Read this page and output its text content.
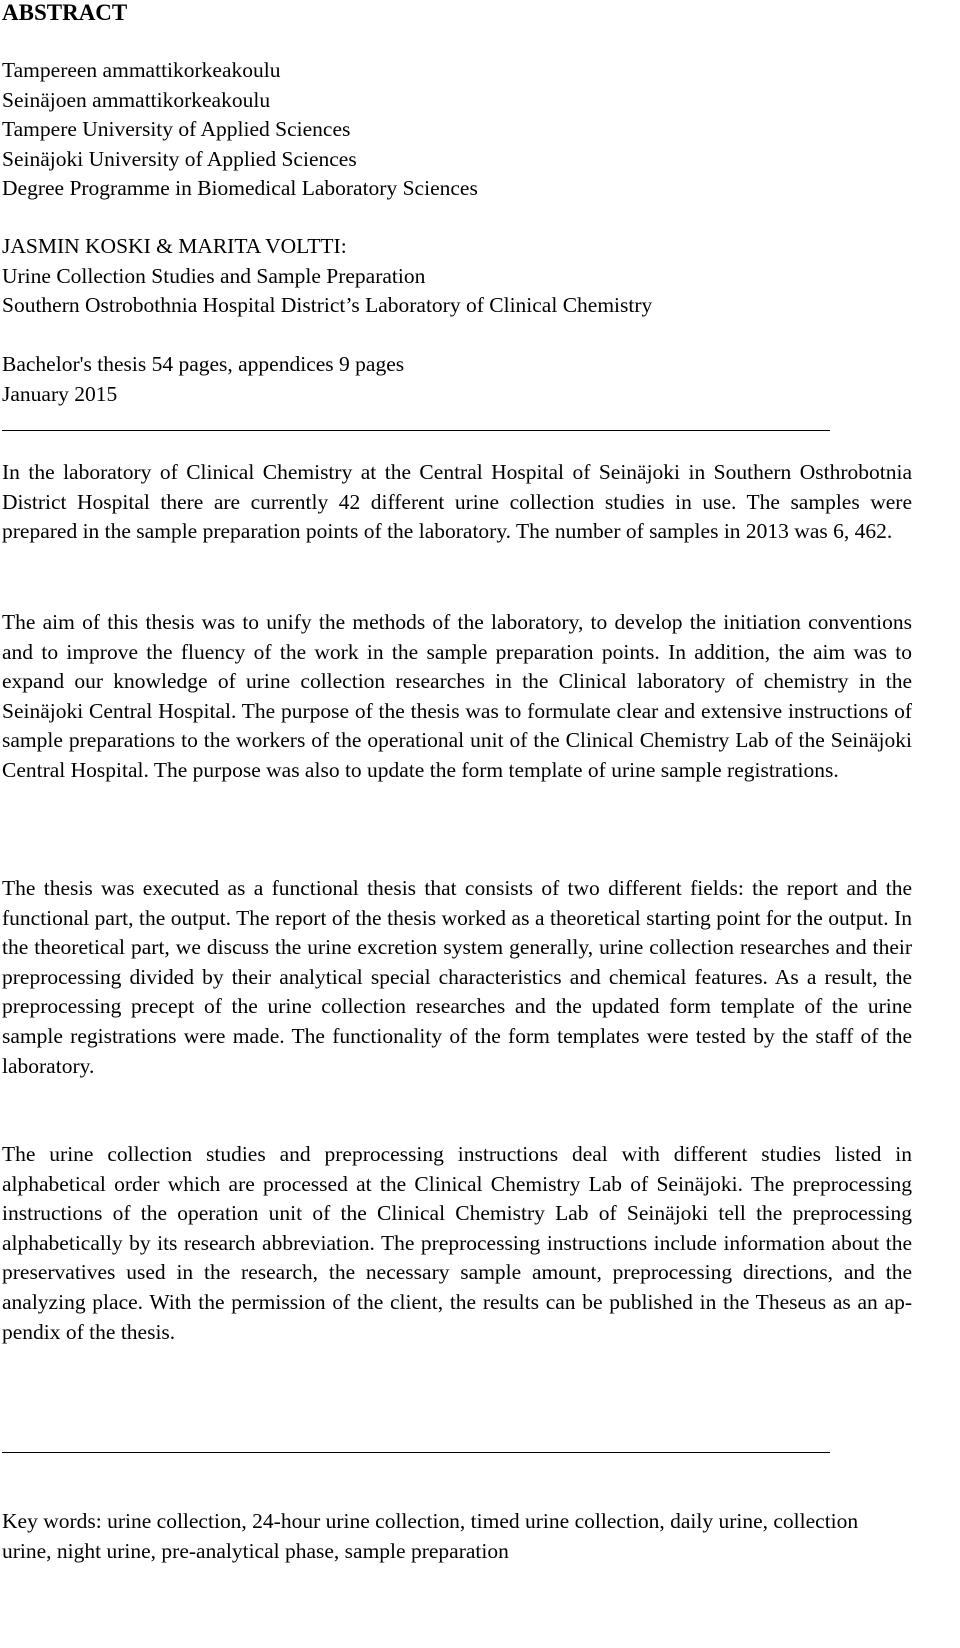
ABSTRACT
Tampereen ammattikorkeakoulu
Seinäjoen ammattikorkeakoulu
Tampere University of Applied Sciences
Seinäjoki University of Applied Sciences
Degree Programme in Biomedical Laboratory Sciences
JASMIN KOSKI & MARITA VOLTTI:
Urine Collection Studies and Sample Preparation
Southern Ostrobothnia Hospital District’s Laboratory of Clinical Chemistry
Bachelor's thesis 54 pages, appendices 9 pages
January 2015

In the laboratory of Clinical Chemistry at the Central Hospital of Seinäjoki in Southern Osthrobotnia District Hospital there are currently 42 different urine collection studies in use. The samples were prepared in the sample preparation points of the laboratory. The number of samples in 2013 was 6, 462.

The aim of this thesis was to unify the methods of the laboratory, to develop the initiation conventions and to improve the fluency of the work in the sample preparation points. In addition, the aim was to expand our knowledge of urine collection researches in the Clinical laboratory of chemistry in the Seinäjoki Central Hospital. The purpose of the thesis was to formulate clear and extensive instructions of sample preparations to the workers of the operational unit of the Clinical Chemistry Lab of the Seinäjoki Central Hospital. The purpose was also to update the form template of urine sample registrations.

The thesis was executed as a functional thesis that consists of two different fields: the report and the functional part, the output. The report of the thesis worked as a theoretical starting point for the output. In the theoretical part, we discuss the urine excretion system generally, urine collection researches and their preprocessing divided by their analytical special characteristics and chemical features. As a result, the preprocessing precept of the urine collection researches and the updated form template of the urine sample registrations were made. The functionality of the form templates were tested by the staff of the laboratory.

The urine collection studies and preprocessing instructions deal with different studies listed in alphabetical order which are processed at the Clinical Chemistry Lab of Seinäjoki. The preprocessing instructions of the operation unit of the Clinical Chemistry Lab of Seinäjoki tell the preprocessing alphabetically by its research abbreviation. The preprocessing instructions include information about the preservatives used in the research, the necessary sample amount, preprocessing directions, and the analyzing place. With the permission of the client, the results can be published in the Theseus as an appendix of the thesis.

Key words: urine collection, 24-hour urine collection, timed urine collection, daily urine, collection urine, night urine, pre-analytical phase, sample preparation
